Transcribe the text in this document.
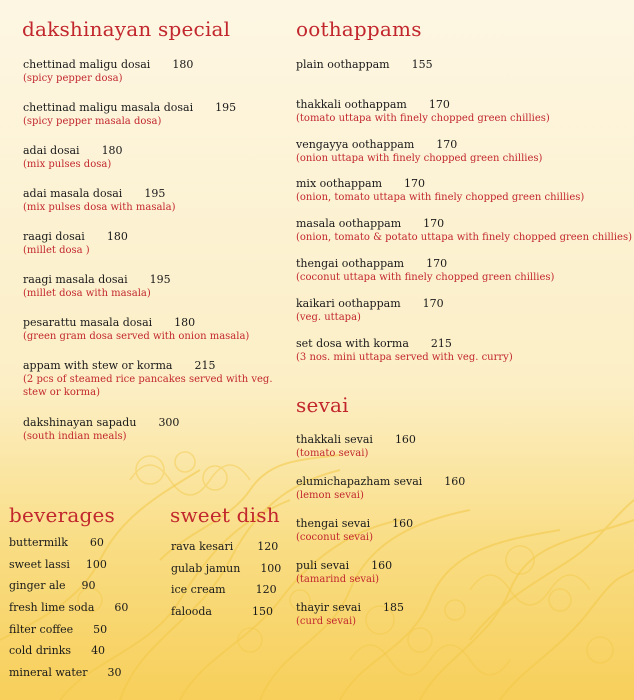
dakshinayan special
chettinad maligu dosai 180
(spicy pepper dosa)
chettinad maligu masala dosai 195
(spicy pepper masala dosa)
adai dosai 180
(mix pulses dosa)
adai masala dosai 195
(mix pulses dosa with masala)
raagi dosai 180
(millet dosa )
raagi masala dosai 195
(millet dosa with masala)
pesarattu masala dosai 180
(green gram dosa served with onion masala)
appam with stew or korma 215
(2 pcs of steamed rice pancakes served with veg.
stew or korma)
dakshinayan sapadu 300
(south indian meals)
oothappams
plain oothappam 155
thakkali oothappam 170
(tomato uttapa with finely chopped green chillies)
vengayya oothappam 170
(onion uttapa with finely chopped green chillies)
mix oothappam 170
(onion, tomato uttapa with finely chopped green chillies)
masala oothappam 170
(onion, tomato & potato uttapa with finely chopped green chillies)
thengai oothappam 170
(coconut uttapa with finely chopped green chillies)
kaikari oothappam 170
(veg. uttapa)
set dosa with korma 215
(3 nos. mini uttapa served with veg. curry)
sevai
thakkali sevai 160
(tomato sevai)
elumichapazham sevai 160
(lemon sevai)
thengai sevai 160
(coconut sevai)
puli sevai 160
(tamarind sevai)
thayir sevai 185
(curd sevai)
beverages
buttermilk 60
sweet lassi 100
ginger ale 90
fresh lime soda 60
filter coffee 50
cold drinks 40
mineral water 30
sweet dish
rava kesari 120
gulab jamun 100
ice cream	120
falooda	150
